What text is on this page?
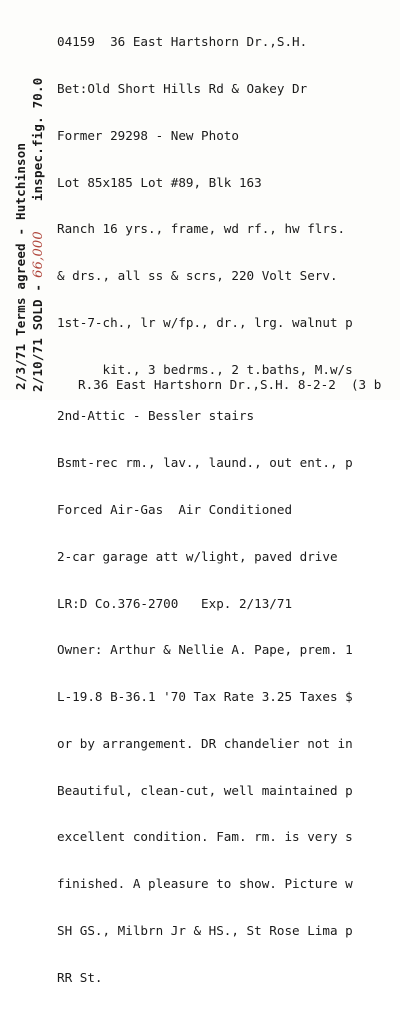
2/3/71 Terms agreed - Hutchinson 2/10/71 SOLD -66,000inspec.fig. 70.0

04159  36 East Hartshorn Dr.,S.H.

Bet:Old Short Hills Rd & Oakey Dr

Former 29298 - New Photo

Lot 85x185 Lot #89, Blk 163

Ranch 16 yrs., frame, wd rf., hw flrs.

& drs., all ss & scrs, 220 Volt Serv.

1st-7-ch., lr w/fp., dr., lrg. walnut p

kit., 3 bedrms., 2 t.baths, M.w/s

2nd-Attic - Bessler stairs

Bsmt-rec rm., lav., laund., out ent., p

Forced Air-Gas  Air Conditioned

2-car garage att w/light, paved drive

LR:D Co.376-2700   Exp. 2/13/71

Owner: Arthur & Nellie A. Pape, prem. 1

L-19.8 B-36.1 '70 Tax Rate 3.25 Taxes $

or by arrangement. DR chandelier not in

Beautiful, clean-cut, well maintained p

excellent condition. Fam. rm. is very s

finished. A pleasure to show. Picture w

SH GS., Milbrn Jr & HS., St Rose Lima p

RR St.

R.36 East Hartshorn Dr.,S.H. 8-2-2  (3 b
